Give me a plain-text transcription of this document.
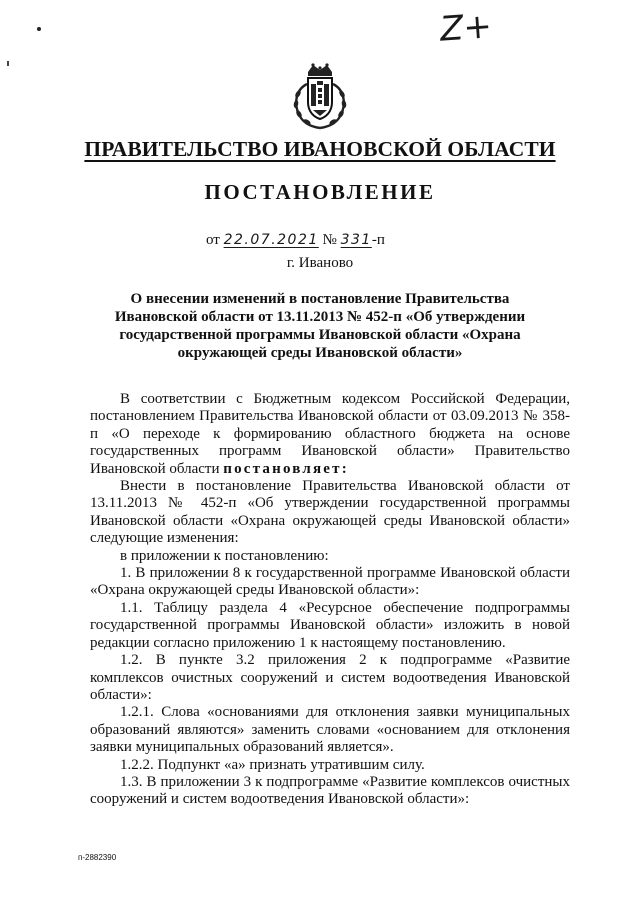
Z+
ПРАВИТЕЛЬСТВО ИВАНОВСКОЙ ОБЛАСТИ
ПОСТАНОВЛЕНИЕ
от 22.07.2021 № 331-п
г. Иваново
О внесении изменений в постановление Правительства Ивановской области от 13.11.2013 № 452-п «Об утверждении государственной программы Ивановской области «Охрана окружающей среды Ивановской области»

В соответствии с Бюджетным кодексом Российской Федерации, постановлением Правительства Ивановской области от 03.09.2013 № 358-п «О переходе к формированию областного бюджета на основе государственных программ Ивановской области» Правительство Ивановской области постановляет:

Внести в постановление Правительства Ивановской области от 13.11.2013 № 452-п «Об утверждении государственной программы Ивановской области «Охрана окружающей среды Ивановской области» следующие изменения:

в приложении к постановлению:

1. В приложении 8 к государственной программе Ивановской области «Охрана окружающей среды Ивановской области»:

1.1. Таблицу раздела 4 «Ресурсное обеспечение подпрограммы государственной программы Ивановской области» изложить в новой редакции согласно приложению 1 к настоящему постановлению.

1.2. В пункте 3.2 приложения 2 к подпрограмме «Развитие комплексов очистных сооружений и систем водоотведения Ивановской области»:

1.2.1. Слова «основаниями для отклонения заявки муниципальных образований являются» заменить словами «основанием для отклонения заявки муниципальных образований является».

1.2.2. Подпункт «а» признать утратившим силу.

1.3. В приложении 3 к подпрограмме «Развитие комплексов очистных сооружений и систем водоотведения Ивановской области»:

п-2882390
